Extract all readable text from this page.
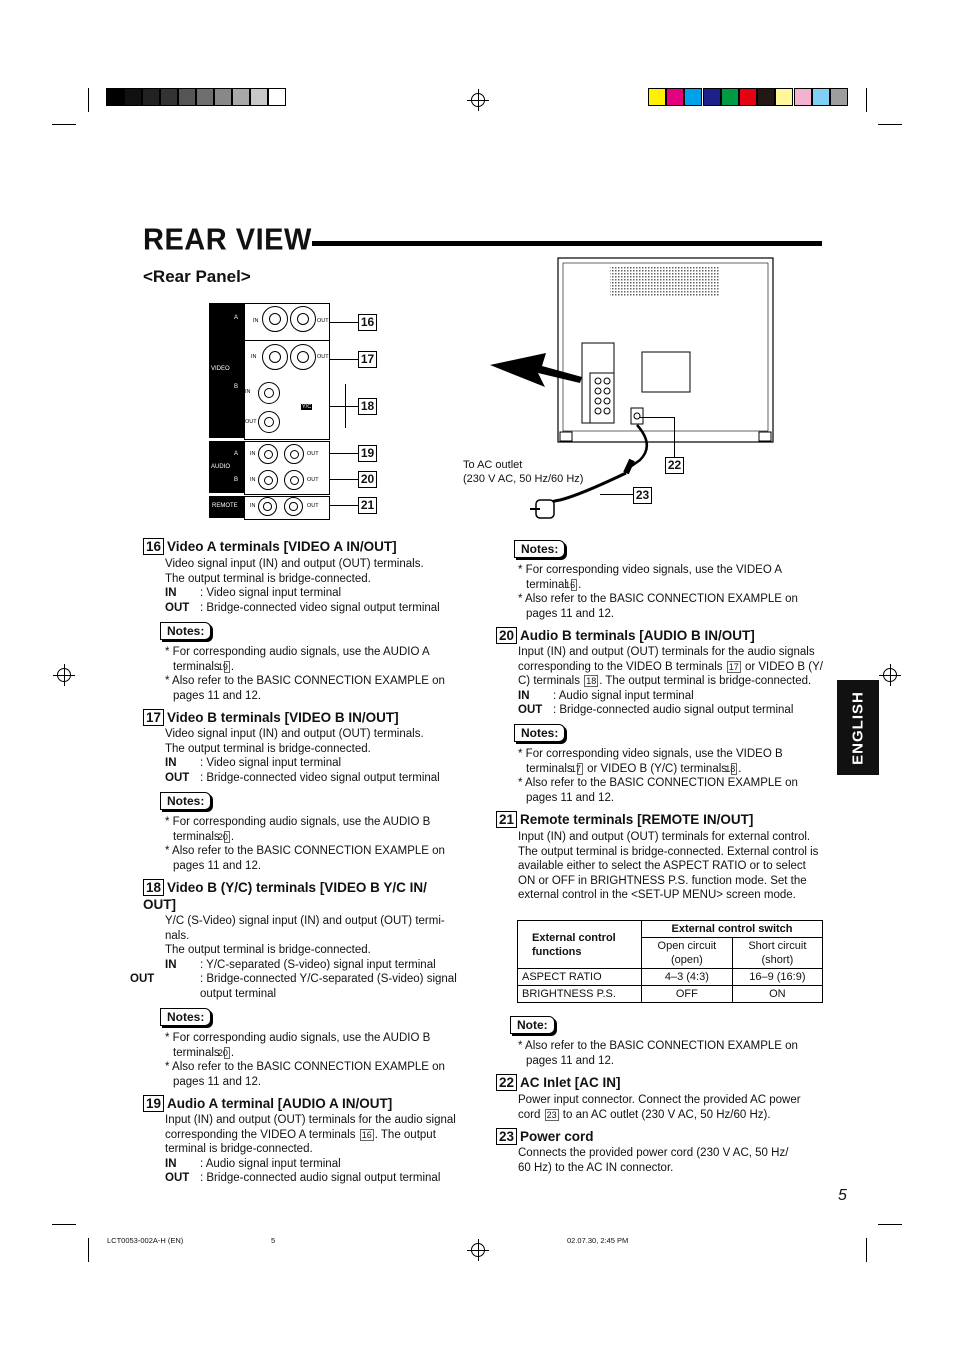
REAR VIEW
<Rear Panel>
A
VIDEO
B
IN	OUT
IN	OUT
IN
OUT
Y/C
A
AUDIO
B
IN	OUT
IN	OUT
REMOTE IN	OUT
16
17
18
19
20
21
22
23
To AC outlet
(230 V AC, 50 Hz/60 Hz)
16 Video A terminals [VIDEO A IN/OUT]

Video signal input (IN) and output (OUT) terminals.

The output terminal is bridge-connected.

IN : Video signal input terminal

OUT : Bridge-connected video signal output terminal

Notes:

* For corresponding audio signals, use the AUDIO A
terminals 19 .

* Also refer to the BASIC CONNECTION EXAMPLE on pages 11 and 12.

17 Video B terminals [VIDEO B IN/OUT]

Video signal input (IN) and output (OUT) terminals.

The output terminal is bridge-connected.

IN : Video signal input terminal

OUT : Bridge-connected video signal output terminal

Notes:

* For corresponding audio signals, use the AUDIO B
terminals 20 .

* Also refer to the BASIC CONNECTION EXAMPLE on pages 11 and 12.

18 Video B (Y/C) terminals [VIDEO B Y/C IN/ OUT]

Y/C (S-Video) signal input (IN) and output (OUT) termi- nals.

The output terminal is bridge-connected.

IN : Y/C-separated (S-video) signal input terminal

OUT	: Bridge-connected Y/C-separated (S-video) signal output terminal

Notes:

* For corresponding audio signals, use the AUDIO B
terminals 20 .

* Also refer to the BASIC CONNECTION EXAMPLE on pages 11 and 12.

19 Audio A terminal [AUDIO A IN/OUT]

Input (IN) and output (OUT) terminals for the audio signal corresponding the VIDEO A terminals 16 . The output terminal is bridge-connected.

IN : Audio signal input terminal

OUT : Bridge-connected audio signal output terminal

Notes:

* For corresponding video signals, use the VIDEO A
terminal 16 .

* Also refer to the BASIC CONNECTION EXAMPLE on pages 11 and 12.

20 Audio B terminals [AUDIO B IN/OUT]

Input (IN) and output (OUT) terminals for the audio signals corresponding to the VIDEO B terminals 17 or VIDEO B (Y/ C) terminals 18 . The output terminal is bridge-connected.

IN : Audio signal input terminal

OUT : Bridge-connected audio signal output terminal

Notes:

* For corresponding video signals, use the VIDEO B
terminals 17 or VIDEO B (Y/C) terminals 18 .

* Also refer to the BASIC CONNECTION EXAMPLE on pages 11 and 12.

21 Remote terminals [REMOTE IN/OUT]

Input (IN) and output (OUT) terminals for external control. The output terminal is bridge-connected. External control is available either to select the ASPECT RATIO or to select ON or OFF in BRIGHTNESS P.S. function mode. Set the external control in the <SET-UP MENU> screen mode.

External control functions	External control switch	
	Open circuit (open)	Short circuit (short)
ASPECT RATIO	4–3 (4:3)	16–9 (16:9)
BRIGHTNESS P.S.	OFF	ON
Note:

* Also refer to the BASIC CONNECTION EXAMPLE on pages 11 and 12.

22 AC Inlet [AC IN]

Power input connector. Connect the provided AC power cord 23 to an AC outlet (230 V AC, 50 Hz/60 Hz).

23 Power cord

Connects the provided power cord (230 V AC, 50 Hz/ 60 Hz) to the AC IN connector.

ENGLISH
5
LCT0053-002A-H (EN)	5	02.07.30, 2:45 PM
